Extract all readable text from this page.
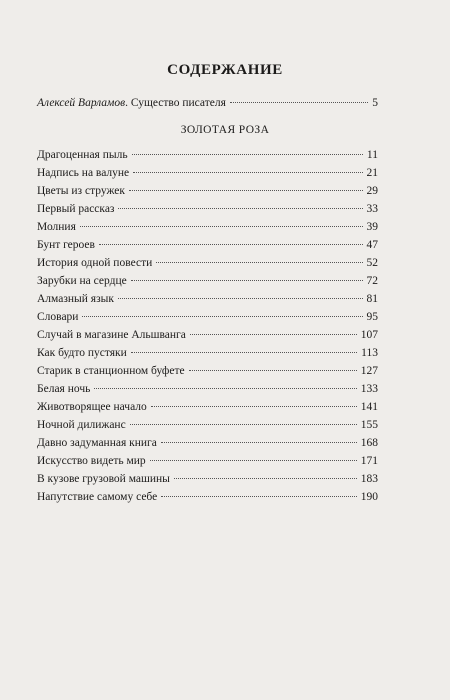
СОДЕРЖАНИЕ
Алексей Варламов. Существо писателя	5
ЗОЛОТАЯ РОЗА
Драгоценная пыль	11
Надпись на валуне	21
Цветы из стружек	29
Первый рассказ	33
Молния	39
Бунт героев	47
История одной повести	52
Зарубки на сердце	72
Алмазный язык	81
Словари	95
Случай в магазине Альшванга	107
Как будто пустяки	113
Старик в станционном буфете	127
Белая ночь	133
Животворящее начало	141
Ночной дилижанс	155
Давно задуманная книга	168
Искусство видеть мир	171
В кузове грузовой машины	183
Напутствие самому себе	190
